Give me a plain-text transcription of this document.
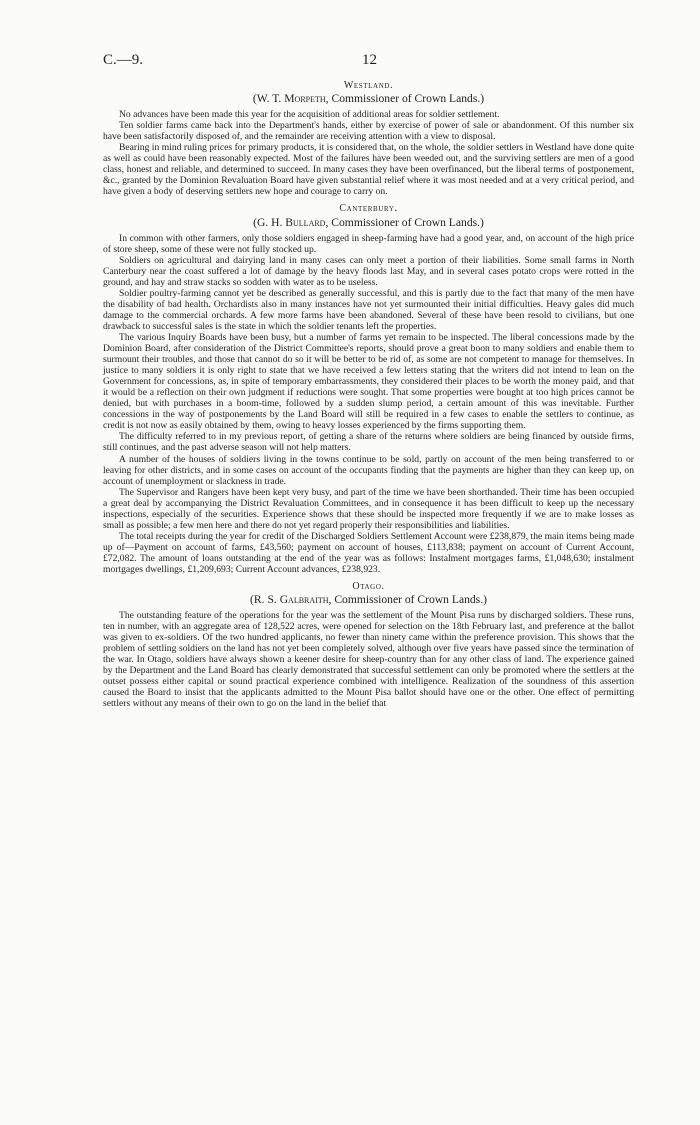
C.—9.	12
Westland.
(W. T. Morpeth, Commissioner of Crown Lands.)

No advances have been made this year for the acquisition of additional areas for soldier settlement.

Ten soldier farms came back into the Department's hands, either by exercise of power of sale or abandonment. Of this number six have been satisfactorily disposed of, and the remainder are receiving attention with a view to disposal.

Bearing in mind ruling prices for primary products, it is considered that, on the whole, the soldier settlers in Westland have done quite as well as could have been reasonably expected. Most of the failures have been weeded out, and the surviving settlers are men of a good class, honest and reliable, and determined to succeed. In many cases they have been overfinanced, but the liberal terms of postponement, &c., granted by the Dominion Revaluation Board have given substantial relief where it was most needed and at a very critical period, and have given a body of deserving settlers new hope and courage to carry on.

Canterbury.
(G. H. Bullard, Commissioner of Crown Lands.)

In common with other farmers, only those soldiers engaged in sheep-farming have had a good year, and, on account of the high price of store sheep, some of these were not fully stocked up.

Soldiers on agricultural and dairying land in many cases can only meet a portion of their liabilities. Some small farms in North Canterbury near the coast suffered a lot of damage by the heavy floods last May, and in several cases potato crops were rotted in the ground, and hay and straw stacks so sodden with water as to be useless.

Soldier poultry-farming cannot yet be described as generally successful, and this is partly due to the fact that many of the men have the disability of bad health. Orchardists also in many instances have not yet surmounted their initial difficulties. Heavy gales did much damage to the commercial orchards. A few more farms have been abandoned. Several of these have been resold to civilians, but one drawback to successful sales is the state in which the soldier tenants left the properties.

The various Inquiry Boards have been busy, but a number of farms yet remain to be inspected. The liberal concessions made by the Dominion Board, after consideration of the District Committee's reports, should prove a great boon to many soldiers and enable them to surmount their troubles, and those that cannot do so it will be better to be rid of, as some are not competent to manage for themselves. In justice to many soldiers it is only right to state that we have received a few letters stating that the writers did not intend to lean on the Government for concessions, as, in spite of temporary embarrassments, they considered their places to be worth the money paid, and that it would be a reflection on their own judgment if reductions were sought. That some properties were bought at too high prices cannot be denied, but with purchases in a boom-time, followed by a sudden slump period, a certain amount of this was inevitable. Further concessions in the way of postponements by the Land Board will still be required in a few cases to enable the settlers to continue, as credit is not now as easily obtained by them, owing to heavy losses experienced by the firms supporting them.

The difficulty referred to in my previous report, of getting a share of the returns where soldiers are being financed by outside firms, still continues, and the past adverse season will not help matters.

A number of the houses of soldiers living in the towns continue to be sold, partly on account of the men being transferred to or leaving for other districts, and in some cases on account of the occupants finding that the payments are higher than they can keep up, on account of unemployment or slackness in trade.

The Supervisor and Rangers have been kept very busy, and part of the time we have been shorthanded. Their time has been occupied a great deal by accompanying the District Revaluation Committees, and in consequence it has been difficult to keep up the necessary inspections, especially of the securities. Experience shows that these should be inspected more frequently if we are to make losses as small as possible; a few men here and there do not yet regard properly their responsibilities and liabilities.

The total receipts during the year for credit of the Discharged Soldiers Settlement Account were £238,879, the main items being made up of—Payment on account of farms, £43,560; payment on account of houses, £113,838; payment on account of Current Account, £72,082. The amount of loans outstanding at the end of the year was as follows: Instalment mortgages farms, £1,048,630; instalment mortgages dwellings, £1,209,693; Current Account advances, £238,923.

Otago.
(R. S. Galbraith, Commissioner of Crown Lands.)

The outstanding feature of the operations for the year was the settlement of the Mount Pisa runs by discharged soldiers. These runs, ten in number, with an aggregate area of 128,522 acres, were opened for selection on the 18th February last, and preference at the ballot was given to ex-soldiers. Of the two hundred applicants, no fewer than ninety came within the preference provision. This shows that the problem of settling soldiers on the land has not yet been completely solved, although over five years have passed since the termination of the war. In Otago, soldiers have always shown a keener desire for sheep-country than for any other class of land. The experience gained by the Department and the Land Board has clearly demonstrated that successful settlement can only be promoted where the settlers at the outset possess either capital or sound practical experience combined with intelligence. Realization of the soundness of this assertion caused the Board to insist that the applicants admitted to the Mount Pisa ballot should have one or the other. One effect of permitting settlers without any means of their own to go on the land in the belief that
